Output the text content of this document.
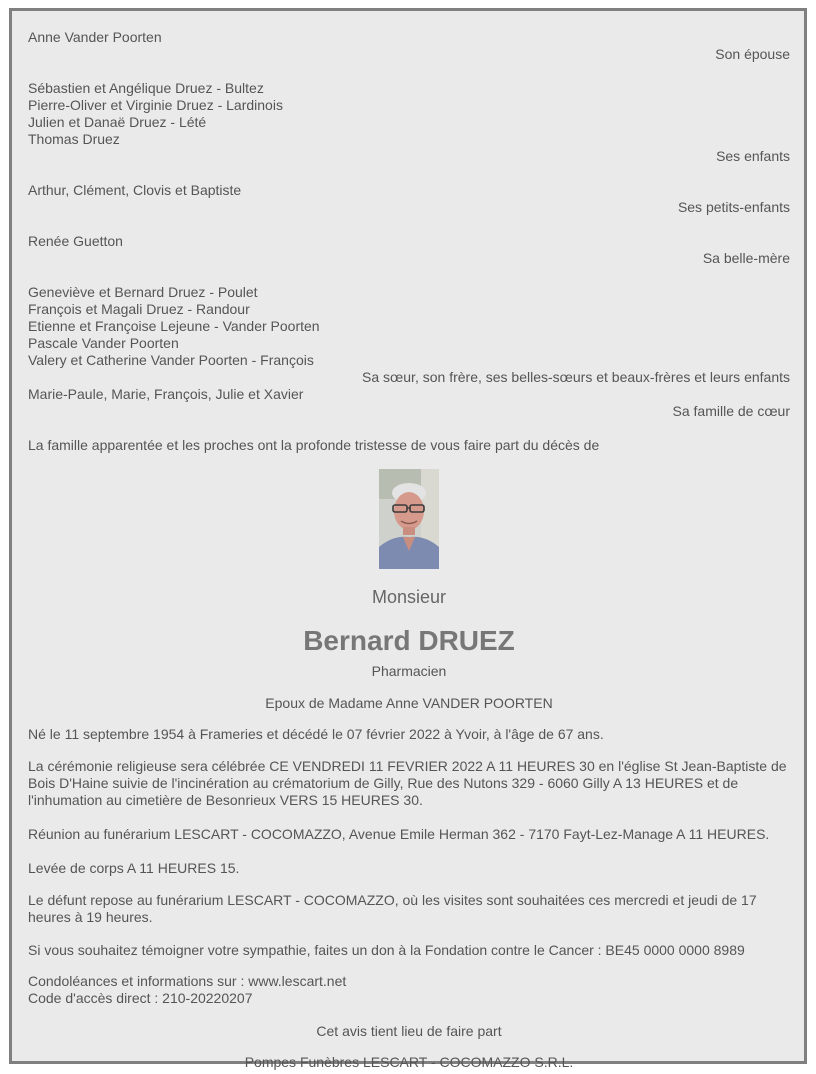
Anne Vander Poorten
Son épouse
Sébastien et Angélique Druez - Bultez
Pierre-Oliver et Virginie Druez - Lardinois
Julien et Danaë Druez - Lété
Thomas Druez
Ses enfants
Arthur, Clément, Clovis et Baptiste
Ses petits-enfants
Renée Guetton
Sa belle-mère
Geneviève et Bernard Druez - Poulet
François et Magali Druez - Randour
Etienne et Françoise Lejeune - Vander Poorten
Pascale Vander Poorten
Valery et Catherine Vander Poorten - François
Sa sœur, son frère, ses belles-sœurs et beaux-frères et leurs enfants
Marie-Paule, Marie, François, Julie et Xavier
Sa famille de cœur
La famille apparentée et les proches ont la profonde tristesse de vous faire part du décès de
Monsieur
Bernard DRUEZ
Pharmacien
Epoux de Madame Anne VANDER POORTEN

Né le 11 septembre 1954 à Frameries et décédé le 07 février 2022 à Yvoir, à l'âge de 67 ans.

La cérémonie religieuse sera célébrée CE VENDREDI 11 FEVRIER 2022 A 11 HEURES 30 en l'église St Jean-Baptiste de Bois D'Haine suivie de l'incinération au crématorium de Gilly, Rue des Nutons 329 - 6060 Gilly A 13 HEURES et de l'inhumation au cimetière de Besonrieux VERS 15 HEURES 30.

Réunion au funérarium LESCART - COCOMAZZO, Avenue Emile Herman 362 - 7170 Fayt-Lez-Manage A 11 HEURES.

Levée de corps A 11 HEURES 15.

Le défunt repose au funérarium LESCART - COCOMAZZO, où les visites sont souhaitées ces mercredi et jeudi de 17 heures à 19 heures.

Si vous souhaitez témoigner votre sympathie, faites un don à la Fondation contre le Cancer : BE45 0000 0000 8989

Condoléances et informations sur : www.lescart.net
Code d'accès direct : 210-20220207
Cet avis tient lieu de faire part
Pompes Funèbres LESCART - COCOMAZZO S.R.L.
